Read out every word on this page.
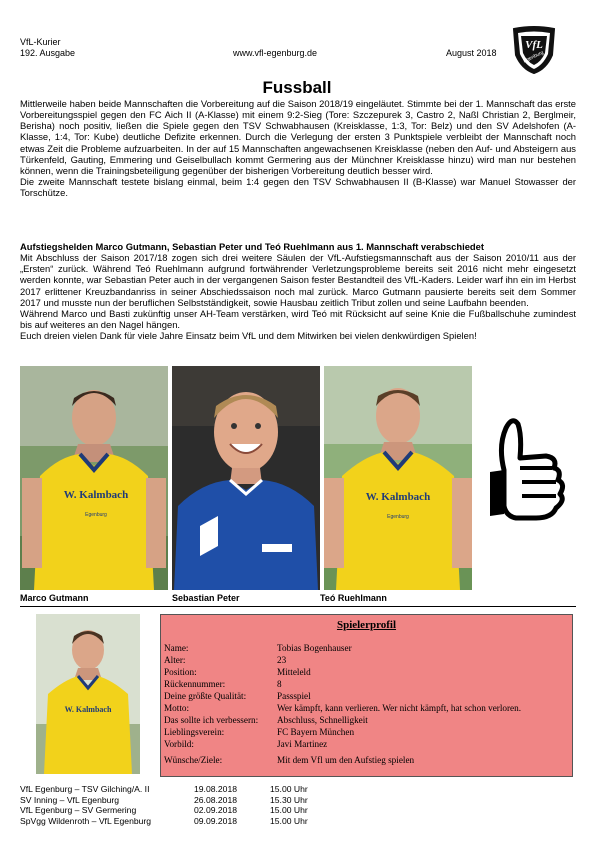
VfL-Kurier
192. Ausgabe	www.vfl-egenburg.de	August 2018
VfL
Egenburg
Fussball

Mittlerweile haben beide Mannschaften die Vorbereitung auf die Saison 2018/19 eingeläutet. Stimmte bei der 1. Mannschaft das erste Vorbereitungsspiel gegen den FC Aich II (A-Klasse) mit einem 9:2-Sieg (Tore: Szczepurek 3, Castro 2, Naßl Christian 2, Berglmeir, Berisha) noch positiv, ließen die Spiele gegen den TSV Schwabhausen (Kreisklasse, 1:3, Tor: Belz) und den SV Adelshofen (A-Klasse, 1:4, Tor: Kube) deutliche Defizite erkennen. Durch die Verlegung der ersten 3 Punktspiele verbleibt der Mannschaft noch etwas Zeit die Probleme aufzuarbeiten. In der auf 15 Mannschaften angewachsenen Kreisklasse (neben den Auf- und Absteigern aus Türkenfeld, Gauting, Emmering und Geiselbullach kommt Germering aus der Münchner Kreisklasse hinzu) wird man nur bestehen können, wenn die Trainingsbeteiligung gegenüber der bisherigen Vorbereitung deutlich besser wird.

Die zweite Mannschaft testete bislang einmal, beim 1:4 gegen den TSV Schwabhausen II (B-Klasse) war Manuel Stowasser der Torschütze.

Aufstiegshelden Marco Gutmann, Sebastian Peter und Teó Ruehlmann aus 1. Mannschaft verabschiedet

Mit Abschluss der Saison 2017/18 zogen sich drei weitere Säulen der VfL-Aufstiegsmannschaft aus der Saison 2010/11 aus der „Ersten“ zurück. Während Teó Ruehlmann aufgrund fortwährender Verletzungsprobleme bereits seit 2016 nicht mehr eingesetzt werden konnte, war Sebastian Peter auch in der vergangenen Saison fester Bestandteil des VfL-Kaders. Leider warf ihn ein im Herbst 2017 erlittener Kreuzbandanriss in seiner Abschiedssaison noch mal zurück. Marco Gutmann pausierte bereits seit dem Sommer 2017 und musste nun der beruflichen Selbstständigkeit, sowie Hausbau zeitlich Tribut zollen und seine Laufbahn beenden.

Während Marco und Basti zukünftig unser AH-Team verstärken, wird Teó mit Rücksicht auf seine Knie die Fußballschuhe zumindest bis auf weiteres an den Nagel hängen.

Euch dreien vielen Dank für viele Jahre Einsatz beim VfL und dem Mitwirken bei vielen denkwürdigen Spielen!

W. Kalmbach
Egenburg
W. Kalmbach
Egenburg
Marco Gutmann	Sebastian Peter	Teó Ruehlmann
W. Kalmbach
Spielerprofil
Name:	Tobias Bogenhauser
Alter:	23
Position:	Mitteleld
Rückennummer:	8
Deine größte Qualität:	Passspiel
Motto:	Wer kämpft, kann verlieren. Wer nicht kämpft, hat schon verloren.
Das sollte ich verbessern: Abschluss, Schnelligkeit
Lieblingsverein:	FC Bayern München
Vorbild:	Javi Martinez
Wünsche/Ziele:	Mit dem Vfl um den Aufstieg spielen
VfL Egenburg – TSV Gilching/A. II	19.08.2018	15.00 Uhr
SV Inning – VfL Egenburg	26.08.2018	15.30 Uhr
VfL Egenburg – SV Germering	02.09.2018	15.00 Uhr
SpVgg Wildenroth – VfL Egenburg	09.09.2018	15.00 Uhr
